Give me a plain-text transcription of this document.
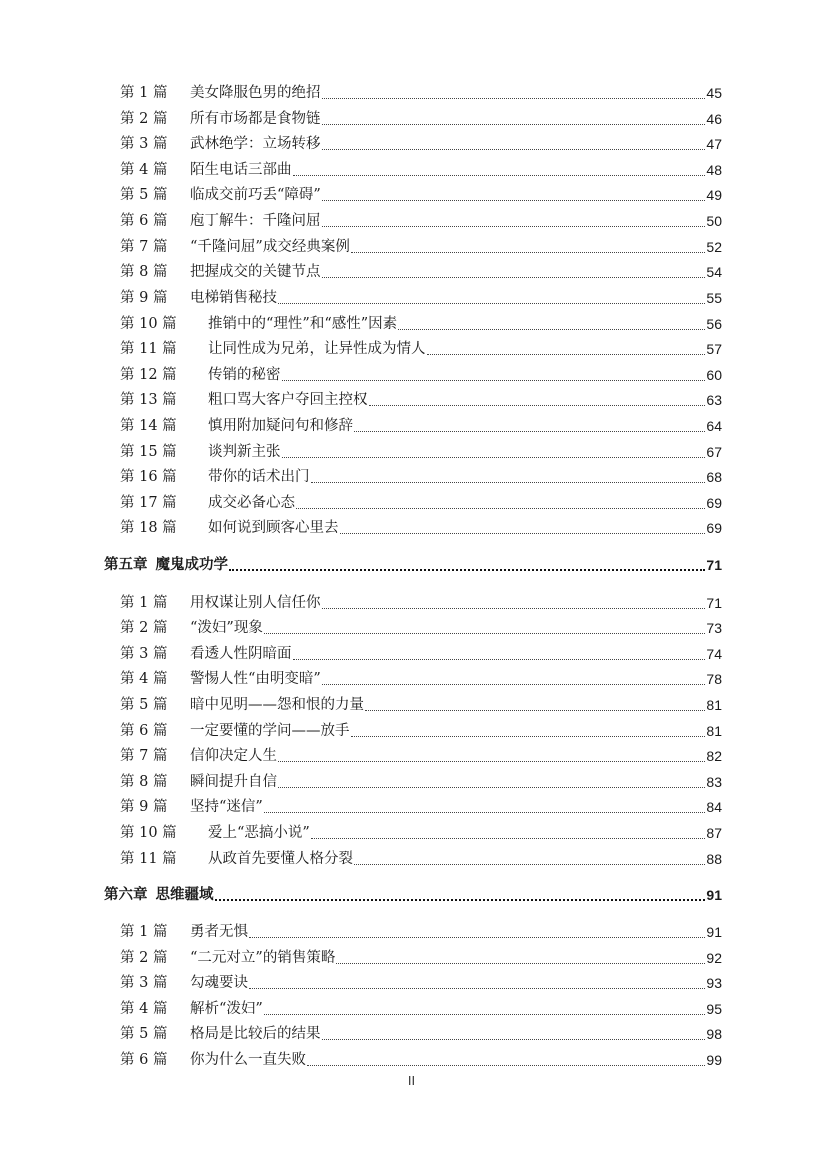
第 1 篇	美女降服色男的绝招	45
第 2 篇	所有市场都是食物链	46
第 3 篇	武林绝学：立场转移	47
第 4 篇	陌生电话三部曲	48
第 5 篇	临成交前巧丢“障碍”	49
第 6 篇	庖丁解牛：千隆问屈	50
第 7 篇	“千隆问屈”成交经典案例	52
第 8 篇	把握成交的关键节点	54
第 9 篇	电梯销售秘技	55
第 10 篇	推销中的“理性”和“感性”因素	56
第 11 篇	让同性成为兄弟，让异性成为情人	57
第 12 篇	传销的秘密	60
第 13 篇	粗口骂大客户夺回主控权	63
第 14 篇	慎用附加疑问句和修辞	64
第 15 篇	谈判新主张	67
第 16 篇	带你的话术出门	68
第 17 篇	成交必备心态	69
第 18 篇	如何说到顾客心里去	69
第五章 魔鬼成功学	71
第 1 篇	用权谋让别人信任你	71
第 2 篇	“泼妇”现象	73
第 3 篇	看透人性阴暗面	74
第 4 篇	警惕人性“由明变暗”	78
第 5 篇	暗中见明——怨和恨的力量	81
第 6 篇	一定要懂的学问——放手	81
第 7 篇	信仰决定人生	82
第 8 篇	瞬间提升自信	83
第 9 篇	坚持“迷信”	84
第 10 篇	爱上“恶搞小说”	87
第 11 篇	从政首先要懂人格分裂	88
第六章 思维疆域	91
第 1 篇	勇者无惧	91
第 2 篇	“二元对立”的销售策略	92
第 3 篇	勾魂要诀	93
第 4 篇	解析“泼妇”	95
第 5 篇	格局是比较后的结果	98
第 6 篇	你为什么一直失败	99
II
